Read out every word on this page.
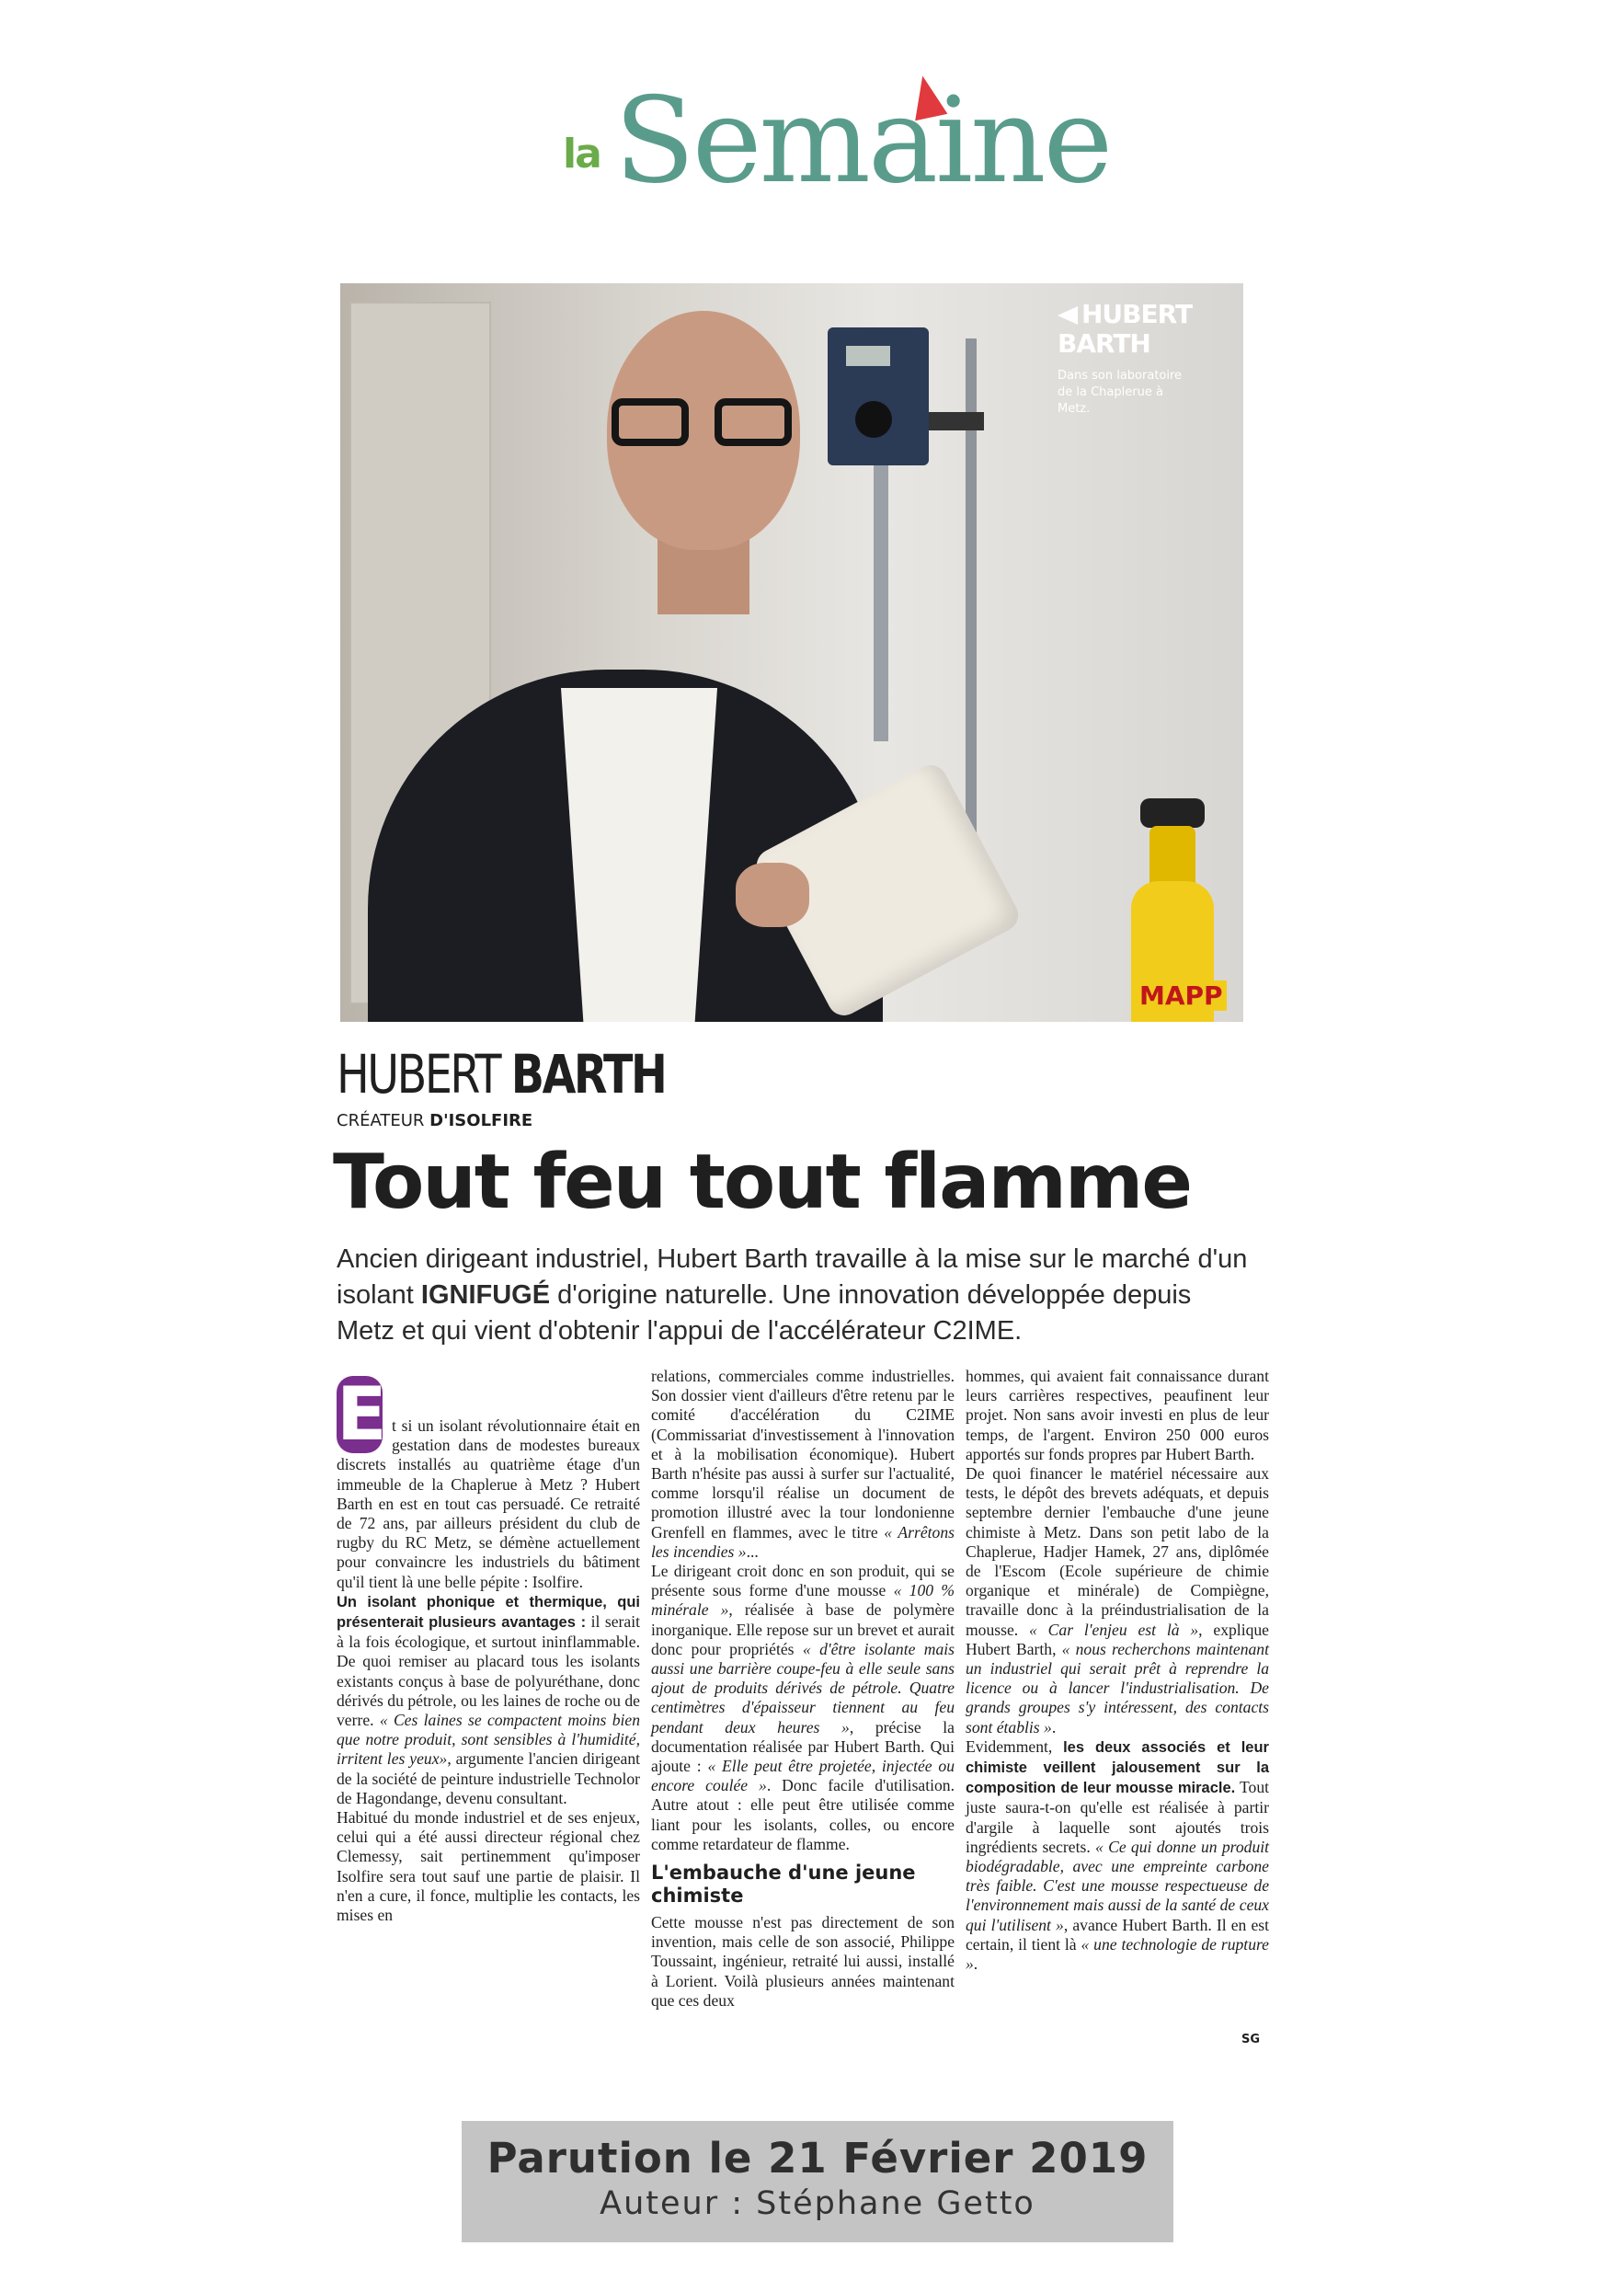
la Semaine
MAPP
HUBERT
BARTH
Dans son laboratoire de la Chaplerue à Metz.
HUBERT BARTH
CRÉATEUR D'ISOLFIRE
Tout feu tout flamme
Ancien dirigeant industriel, Hubert Barth travaille à la mise sur le marché d'un isolant IGNIFUGÉ d'origine naturelle. Une innovation développée depuis Metz et qui vient d'obtenir l'appui de l'accélérateur C2IME.

E t si un isolant révolutionnaire était en gestation dans de modestes bureaux discrets installés au quatrième étage d'un immeuble de la Chaplerue à Metz ? Hubert Barth en est en tout cas persuadé. Ce retraité de 72 ans, par ailleurs président du club de rugby du RC Metz, se démène actuellement pour convaincre les industriels du bâtiment qu'il tient là une belle pépite : Isolfire.

Un isolant phonique et thermique, qui présenterait plusieurs avantages : il serait à la fois écologique, et surtout ininflammable. De quoi remiser au placard tous les isolants existants conçus à base de polyuréthane, donc dérivés du pétrole, ou les laines de roche ou de verre. « Ces laines se compactent moins bien que notre produit, sont sensibles à l'humidité, irritent les yeux», argumente l'ancien dirigeant de la société de peinture industrielle Technolor de Hagondange, devenu consultant.

Habitué du monde industriel et de ses enjeux, celui qui a été aussi directeur régional chez Clemessy, sait pertinemment qu'imposer Isolfire sera tout sauf une partie de plaisir. Il n'en a cure, il fonce, multiplie les contacts, les mises en

relations, commerciales comme industrielles. Son dossier vient d'ailleurs d'être retenu par le comité d'accélération du C2IME (Commissariat d'investissement à l'innovation et à la mobilisation économique). Hubert Barth n'hésite pas aussi à surfer sur l'actualité, comme lorsqu'il réalise un document de promotion illustré avec la tour londonienne Grenfell en flammes, avec le titre « Arrêtons les incendies »...

Le dirigeant croit donc en son produit, qui se présente sous forme d'une mousse « 100 % minérale », réalisée à base de polymère inorganique. Elle repose sur un brevet et aurait donc pour propriétés « d'être isolante mais aussi une barrière coupe-feu à elle seule sans ajout de produits dérivés de pétrole. Quatre centimètres d'épaisseur tiennent au feu pendant deux heures », précise la documentation réalisée par Hubert Barth. Qui ajoute : « Elle peut être projetée, injectée ou encore coulée ». Donc facile d'utilisation. Autre atout : elle peut être utilisée comme liant pour les isolants, colles, ou encore comme retardateur de flamme.

L'embauche d'une jeune chimiste

Cette mousse n'est pas directement de son invention, mais celle de son associé, Philippe Toussaint, ingénieur, retraité lui aussi, installé à Lorient. Voilà plusieurs années maintenant que ces deux

hommes, qui avaient fait connaissance durant leurs carrières respectives, peaufinent leur projet. Non sans avoir investi en plus de leur temps, de l'argent. Environ 250 000 euros apportés sur fonds propres par Hubert Barth.

De quoi financer le matériel nécessaire aux tests, le dépôt des brevets adéquats, et depuis septembre dernier l'embauche d'une jeune chimiste à Metz. Dans son petit labo de la Chaplerue, Hadjer Hamek, 27 ans, diplômée de l'Escom (Ecole supérieure de chimie organique et minérale) de Compiègne, travaille donc à la préindustrialisation de la mousse. « Car l'enjeu est là », explique Hubert Barth, « nous recherchons maintenant un industriel qui serait prêt à reprendre la licence ou à lancer l'industrialisation. De grands groupes s'y intéressent, des contacts sont établis ».

Evidemment, les deux associés et leur chimiste veillent jalousement sur la composition de leur mousse miracle. Tout juste saura-t-on qu'elle est réalisée à partir d'argile à laquelle sont ajoutés trois ingrédients secrets. « Ce qui donne un produit biodégradable, avec une empreinte carbone très faible. C'est une mousse respectueuse de l'environnement mais aussi de la santé de ceux qui l'utilisent », avance Hubert Barth. Il en est certain, il tient là « une technologie de rupture ».

SG
Parution le 21 Février 2019
Auteur : Stéphane Getto
